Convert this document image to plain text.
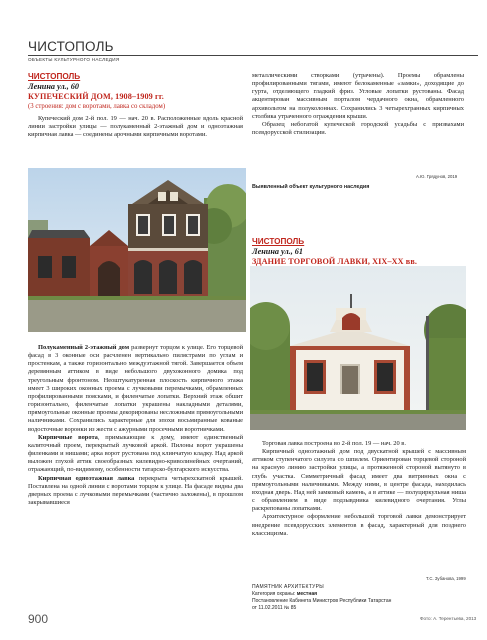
ЧИСТОПОЛЬ
ОБЪЕКТЫ КУЛЬТУРНОГО НАСЛЕДИЯ
ЧИСТОПОЛЬ
Ленина ул., 60
КУПЕЧЕСКИЙ ДОМ, 1908–1909 гг.
(3 строения: дом с воротами, лавка со складом)

Купеческий дом 2-й пол. 19 — нач. 20 в. Расположенные вдоль красной линии застройки улицы — полукаменный 2-этажный дом и одноэтажная кирпичная лавка — соединены арочными кирпичными воротами.

металлическими створками (утрачены). Проемы обрамлены профилированными тягами, имеют белокаменные «замки», доходящие до гурта, отделяющего гладкий фриз. Угловые лопатки рустованы. Фасад акцентирован массивным порталом чердачного окна, обрамленного архивольтом на полуколоннах. Сохранились 3 четырехгранных кирпичных столбика утраченного ограждения крыши.

Образец небогатой купеческой городской усадьбы с призвахами псевдорусской стилизации.

А.Ю. Грядунов, 2019
Выявленный объект культурного наследия
ЧИСТОПОЛЬ
Ленина ул., 61
ЗДАНИЕ ТОРГОВОЙ ЛАВКИ, XIX–XX вв.

Полукаменный 2-этажный дом развернут торцом к улице. Его торцевой фасад в 3 оконные оси расчленен вертикально пилястрами по углам и простенкам, а также горизонтально междуэтажной тягой. Завершается объем деревянным аттиком в виде небольшого двухоконного домика под треугольным фронтоном. Неоштукатуренная плоскость кирпичного этажа имеет 3 широких оконных проема с лучковыми перемычками, обрамленных профилированными поясками, и филенчатые лопатки. Верхний этаж обшит горизонтально, филенчатые лопатки украшены накладными деталями, прямоугольные оконные проемы декорированы несложными прямоугольными наличниками. Сохранились характерные для эпохи восьмиранные кованые водосточные воронки из жести с ажурными просечными воротничками.

Кирпичные ворота, примыкающие к дому, имеют единственный калиточный проем, перекрытый лучковой аркой. Пилоны ворот украшены филенками и нишами; арка ворот рустована под клинчатую кладку. Над аркой выложен глухой аттик своеобразных килевидно-криволинейных очертаний, отражающий, по-видимому, особенности татарско-булгарского искусства.

Кирпичная одноэтажная лавка перекрыта четырехскатной крышей. Поставлена на одной линии с воротами торцом к улице. На фасаде видны два дверных проема с лучковыми перемычками (частично заложены), в прошлом закрывавшиеся

Торговая лавка построена во 2-й пол. 19 — нач. 20 в.

Кирпичный одноэтажный дом под двускатной крышей с массивным аттиком ступенчатого силуэта со шпилем. Ориентирован торцевой стороной на красную линию застройки улицы, а протяженной стороной вытянуто в глубь участка. Симметричный фасад имеет два витринных окна с прямоугольными наличниками. Между ними, в центре фасада, находилась входная дверь. Над ней замковый камень, а в аттике — полуциркульная ниша с обрамлением в виде подзывдника килевидного очертания. Углы раскрепованы лопатками.

Архитектурное оформление небольшой торговой лавки демонстрирует внедрение псевдорусских элементов в фасад, характерный для позднего классицизма.

Т.С. Зубанова, 1999
ПАМЯТНИК АРХИТЕКТУРЫ
Категория охраны: местная
Постановление Кабинета Министров Республики Татарстан
от 11.02.2011 № 85
900	Фото: А. Терентьева, 2013
